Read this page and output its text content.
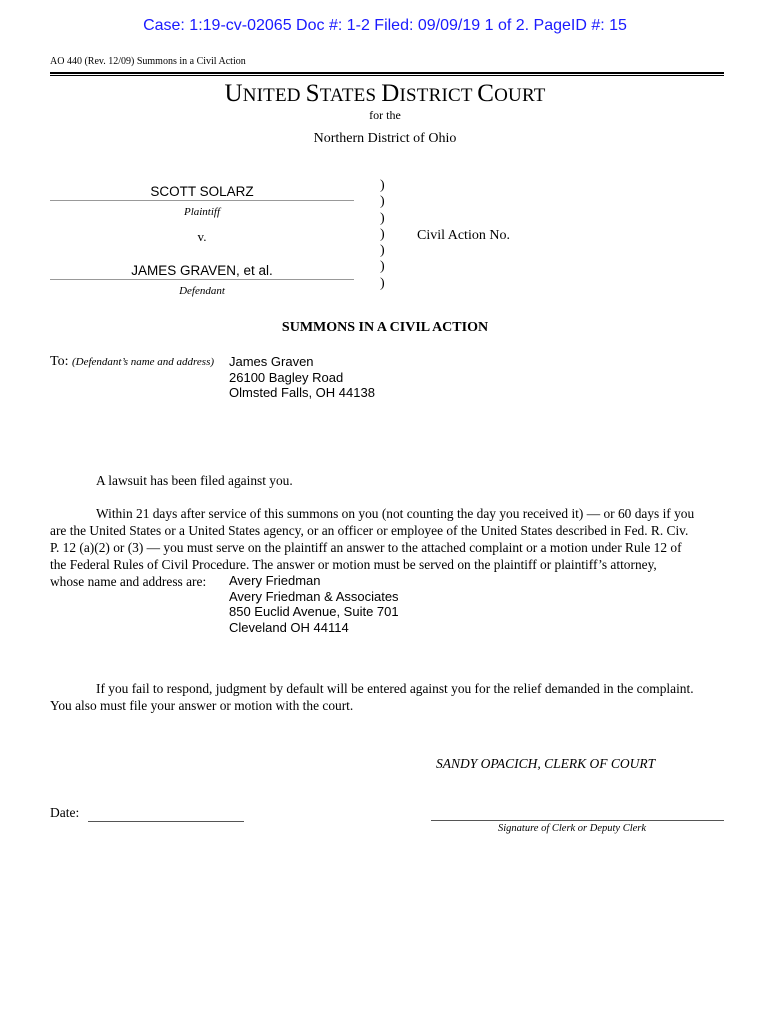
Case: 1:19-cv-02065 Doc #: 1-2 Filed: 09/09/19 1 of 2. PageID #: 15
AO 440 (Rev. 12/09) Summons in a Civil Action
UNITED STATES DISTRICT COURT
for the
Northern District of Ohio
SCOTT SOLARZ
Plaintiff
v.
JAMES GRAVEN, et al.
Defendant
)
)
)
)
)
)
)
Civil Action No.
SUMMONS IN A CIVIL ACTION
To: (Defendant’s name and address) James Graven
26100 Bagley Road
Olmsted Falls, OH 44138
A lawsuit has been filed against you.
Within 21 days after service of this summons on you (not counting the day you received it) — or 60 days if you
are the United States or a United States agency, or an officer or employee of the United States described in Fed. R. Civ.
P. 12 (a)(2) or (3) — you must serve on the plaintiff an answer to the attached complaint or a motion under Rule 12 of
the Federal Rules of Civil Procedure. The answer or motion must be served on the plaintiff or plaintiff’s attorney,
whose name and address are:	Avery Friedman
Avery Friedman & Associates
850 Euclid Avenue, Suite 701
Cleveland OH 44114
If you fail to respond, judgment by default will be entered against you for the relief demanded in the complaint.
You also must file your answer or motion with the court.
SANDY OPACICH, CLERK OF COURT
Date:
Signature of Clerk or Deputy Clerk
